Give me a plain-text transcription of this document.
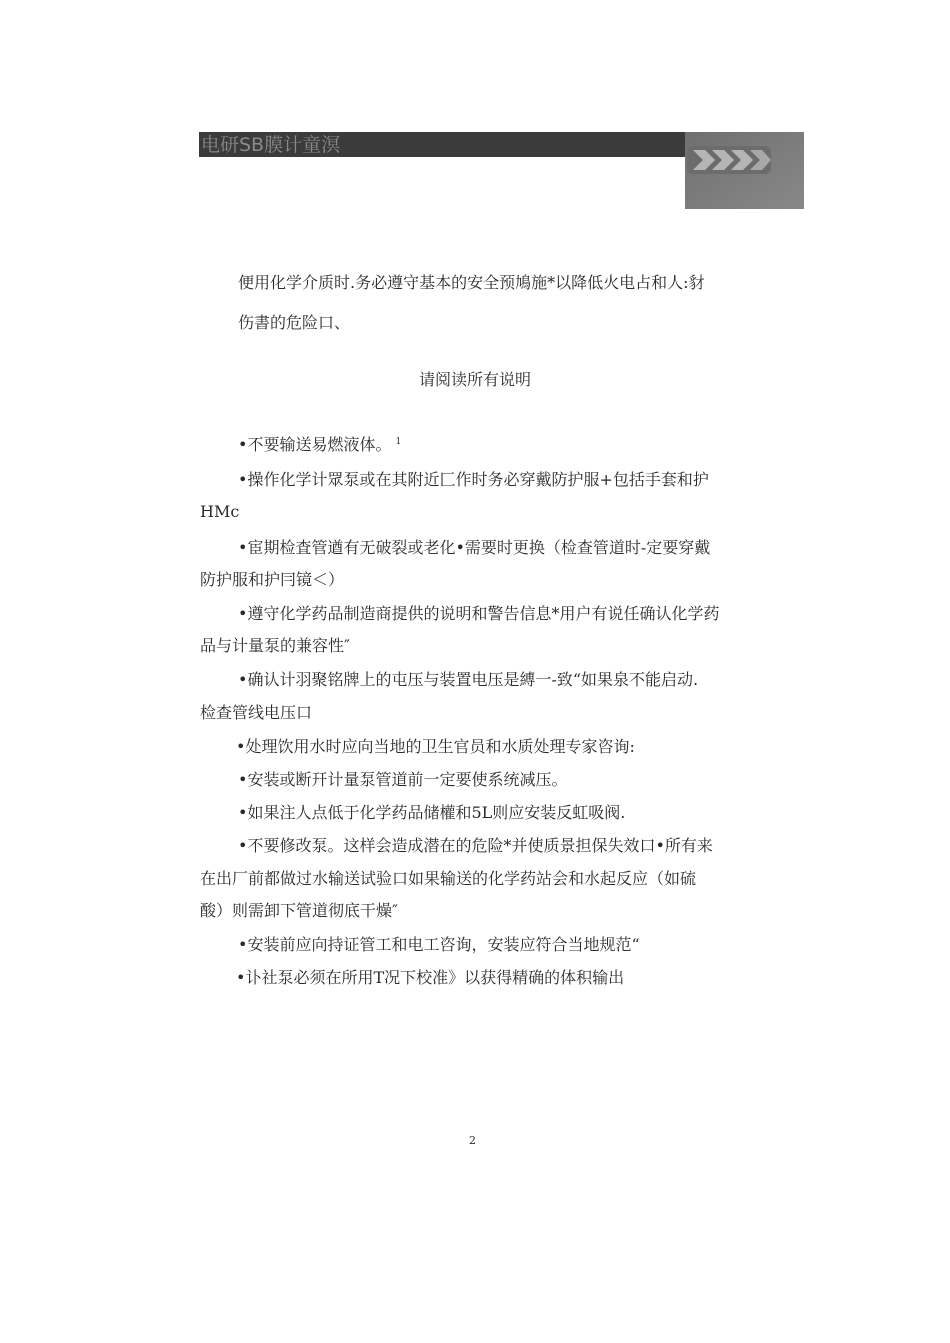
电研SB膜计童溟
便用化学介质时.务必遵守基本的安全预鳩施*以降低火电占和人:豺
伤書的危险口、
请阅读所有说明
•不要输送易燃液体。 $^1$
•操作化学计眾泵或在其附近匚作时务必穿戴防护服+包括手套和护
HMc
•宦期检査管遒有无破裂或老化•需要时更换（检查管道时-定要穿戴
防护服和护冃镜＜）
•遵守化学药品制造商提供的说明和警告信息*用户有说任确认化学药
品与计量泵的兼容性″
•确认计羽聚铭牌上的屯压与装置电压是縛一-致“如果泉不能启动.
检查管线电压口
•处理饮用水时应向当地的卫生官员和水质处理专家咨询:
•安装或断幵计量泵管道前一定要使系统减压。
•如果注人点低于化学药品储權和5L则应安装反虹吸阀.
•不要修改泵。这样会造成潜在的危险*并使质景担保失效口•所有来
在出厂前都做过水输送试验口如果输送的化学药站会和水起反应（如硫
酸）则需卸下管道彻底干燥″
•安装前应向持证管工和电工咨询，安装应符合当地规范“
•讣社泵必须在所用T况下校准》以获得精确的体积输出
2
